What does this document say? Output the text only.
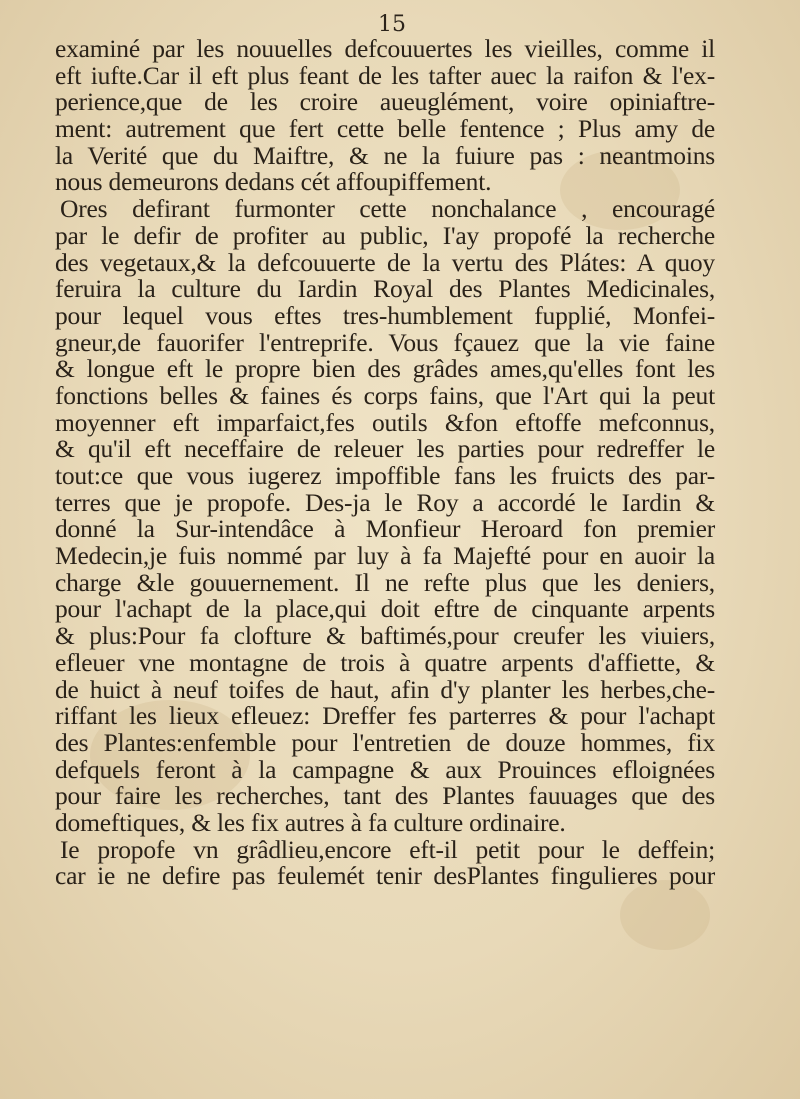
15
examiné par les nouuelles defcouuertes les vieilles, comme il
eft iufte.Car il eft plus feant de les tafter auec la raifon & l'ex-
perience,que de les croire aueuglément, voire opiniaftre-
ment: autrement que fert cette belle fentence ; Plus amy de
la Verité que du Maiftre, & ne la fuiure pas : neantmoins
nous demeurons dedans cét affoupiffement.
Ores defirant furmonter cette nonchalance , encouragé
par le defir de profiter au public, I'ay propofé la recherche
des vegetaux,& la defcouuerte de la vertu des Plátes: A quoy
feruira la culture du Iardin Royal des Plantes Medicinales,
pour lequel vous eftes tres-humblement fupplié, Monfei-
gneur,de fauorifer l'entreprife. Vous fçauez que la vie faine
& longue eft le propre bien des grâdes ames,qu'elles font les
fonctions belles & faines és corps fains, que l'Art qui la peut
moyenner eft imparfaict,fes outils &fon eftoffe mefconnus,
& qu'il eft neceffaire de releuer les parties pour redreffer le
tout:ce que vous iugerez impoffible fans les fruicts des par-
terres que je propofe. Des-ja le Roy a accordé le Iardin &
donné la Sur-intendâce à Monfieur Heroard fon premier
Medecin,je fuis nommé par luy à fa Majefté pour en auoir la
charge &le gouuernement. Il ne refte plus que les deniers,
pour l'achapt de la place,qui doit eftre de cinquante arpents
& plus:Pour fa clofture & baftimés,pour creufer les viuiers,
efleuer vne montagne de trois à quatre arpents d'affiette, &
de huict à neuf toifes de haut, afin d'y planter les herbes,che-
riffant les lieux efleuez: Dreffer fes parterres & pour l'achapt
des Plantes:enfemble pour l'entretien de douze hommes, fix
defquels feront à la campagne & aux Prouinces efloignées
pour faire les recherches, tant des Plantes fauuages que des
domeftiques, & les fix autres à fa culture ordinaire.
Ie propofe vn grâdlieu,encore eft-il petit pour le deffein;
car ie ne defire pas feulemét tenir desPlantes fingulieres pour
